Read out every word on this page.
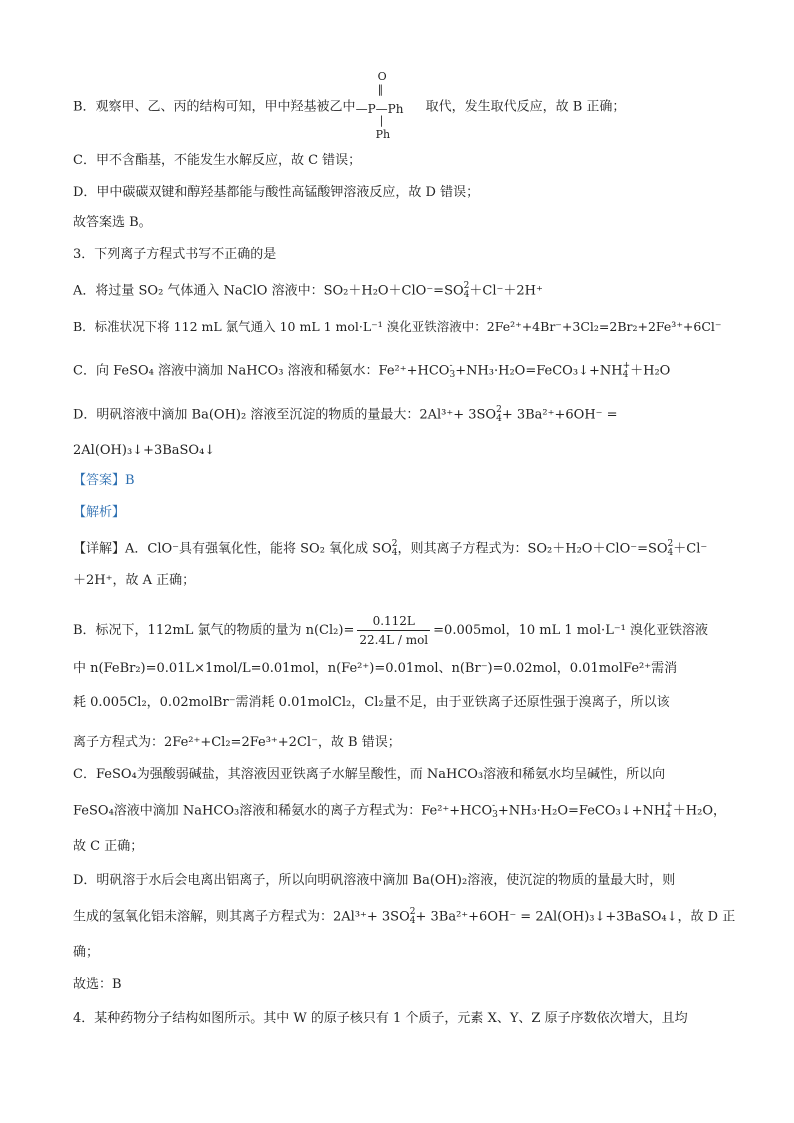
B．观察甲、乙、丙的结构可知，甲中羟基被乙中
O
‖
—P—Ph
|
Ph
取代，发生取代反应，故 B 正确；
C．甲不含酯基，不能发生水解反应，故 C 错误；
D．甲中碳碳双键和醇羟基都能与酸性高锰酸钾溶液反应，故 D 错误；
故答案选 B。
3．下列离子方程式书写不正确的是
A．将过量 SO₂ 气体通入 NaClO 溶液中：SO₂＋H₂O＋ClO⁻=SO2
4＋Cl⁻＋2H⁺
B．标准状况下将 112 mL 氯气通入 10 mL 1 mol·L⁻¹ 溴化亚铁溶液中：2Fe²⁺+4Br⁻+3Cl₂=2Br₂+2Fe³⁺+6Cl⁻
C．向 FeSO₄ 溶液中滴加 NaHCO₃ 溶液和稀氨水：Fe²⁺+HCO-
3+NH₃·H₂O=FeCO₃↓+NH+
4 ＋H₂O
D．明矾溶液中滴加 Ba(OH)₂ 溶液至沉淀的物质的量最大：2Al³⁺+ 3SO2
4+ 3Ba²⁺+6OH⁻ =
2Al(OH)₃↓+3BaSO₄↓
【答案】B
【解析】
【详解】A．ClO⁻具有强氧化性，能将 SO₂ 氧化成 SO2
4，则其离子方程式为：SO₂＋H₂O＋ClO⁻=SO2
4＋Cl⁻
＋2H⁺，故 A 正确；
B．标况下，112mL 氯气的物质的量为 $n(Cl_2)= \frac{0.112L}{\text{22.4L / mol}} =0.005mol$，10 mL 1 mol·L⁻¹ 溴化亚铁溶液
中 n(FeBr₂)=0.01L×1mol/L=0.01mol，n(Fe²⁺)=0.01mol、n(Br⁻)=0.02mol，0.01molFe²⁺需消
耗 0.005Cl₂，0.02molBr⁻需消耗 0.01molCl₂，Cl₂量不足，由于亚铁离子还原性强于溴离子，所以该
离子方程式为：2Fe²⁺+Cl₂=2Fe³⁺+2Cl⁻，故 B 错误；
C．FeSO₄为强酸弱碱盐，其溶液因亚铁离子水解呈酸性，而 NaHCO₃溶液和稀氨水均呈碱性，所以向
FeSO₄溶液中滴加 NaHCO₃溶液和稀氨水的离子方程式为：Fe²⁺+HCO-
3+NH₃·H₂O=FeCO₃↓+NH+
4 ＋H₂O，
故 C 正确；
D．明矾溶于水后会电离出铝离子，所以向明矾溶液中滴加 Ba(OH)₂溶液，使沉淀的物质的量最大时，则
生成的氢氧化铝未溶解，则其离子方程式为：2Al³⁺+ 3SO2
4+ 3Ba²⁺+6OH⁻ = 2Al(OH)₃↓+3BaSO₄↓，故 D 正
确；
故选：B
4．某种药物分子结构如图所示。其中 W 的原子核只有 1 个质子，元素 X、Y、Z 原子序数依次增大，且均
